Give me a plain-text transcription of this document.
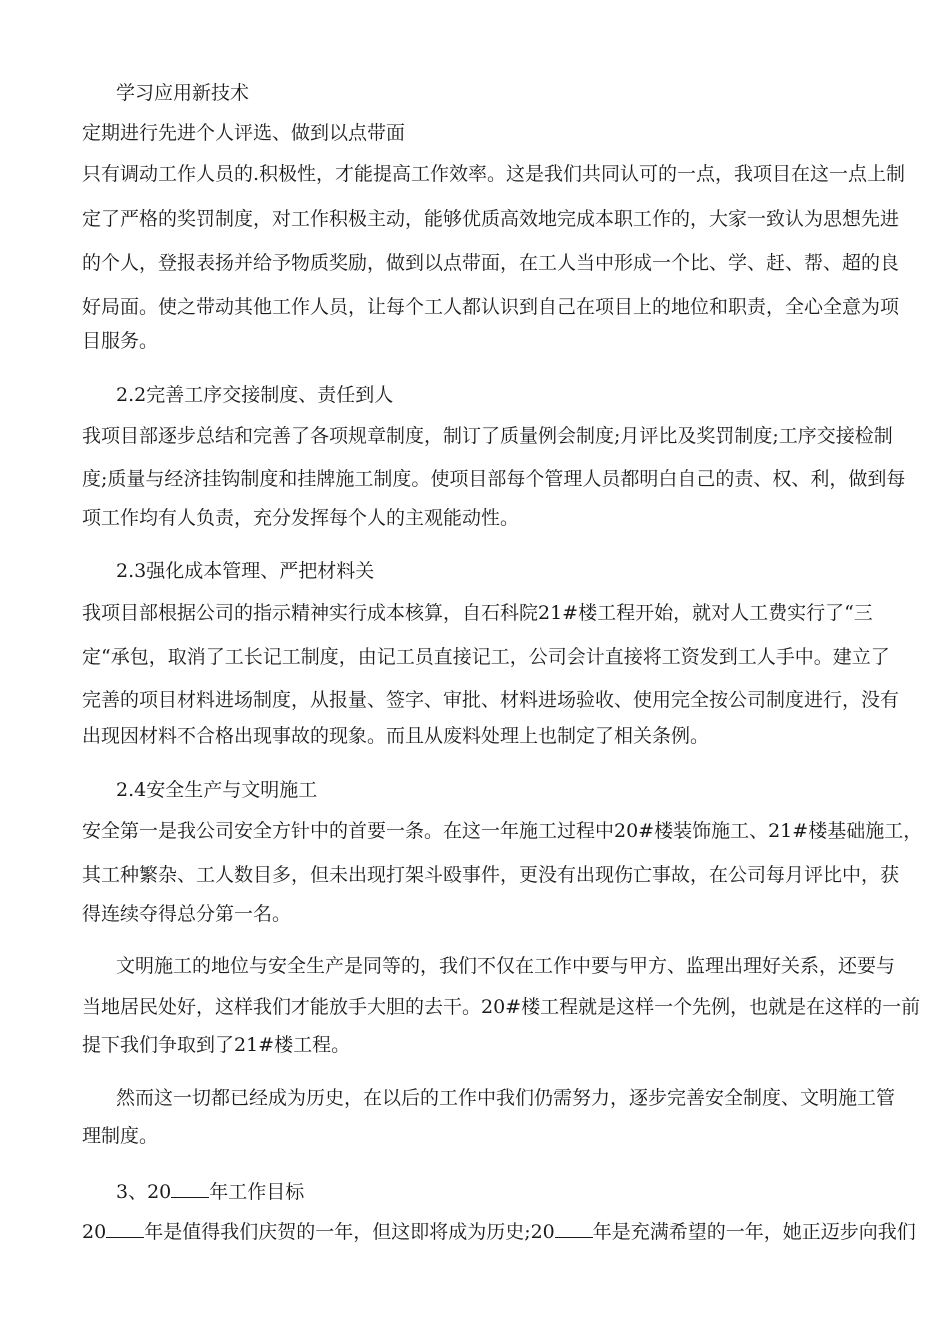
学习应用新技术
定期进行先进个人评选、做到以点带面
只有调动工作人员的.积极性，才能提高工作效率。这是我们共同认可的一点，我项目在这一点上制
定了严格的奖罚制度，对工作积极主动，能够优质高效地完成本职工作的，大家一致认为思想先进
的个人，登报表扬并给予物质奖励，做到以点带面，在工人当中形成一个比、学、赶、帮、超的良
好局面。使之带动其他工作人员，让每个工人都认识到自己在项目上的地位和职责，全心全意为项
目服务。
2.2完善工序交接制度、责任到人
我项目部逐步总结和完善了各项规章制度，制订了质量例会制度;月评比及奖罚制度;工序交接检制
度;质量与经济挂钩制度和挂牌施工制度。使项目部每个管理人员都明白自己的责、权、利，做到每
项工作均有人负责，充分发挥每个人的主观能动性。
2.3强化成本管理、严把材料关
我项目部根据公司的指示精神实行成本核算，自石科院21#楼工程开始，就对人工费实行了“三
定“承包，取消了工长记工制度，由记工员直接记工，公司会计直接将工资发到工人手中。建立了
完善的项目材料进场制度，从报量、签字、审批、材料进场验收、使用完全按公司制度进行，没有
出现因材料不合格出现事故的现象。而且从废料处理上也制定了相关条例。
2.4安全生产与文明施工
安全第一是我公司安全方针中的首要一条。在这一年施工过程中20#楼装饰施工、21#楼基础施工，
其工种繁杂、工人数目多，但未出现打架斗殴事件，更没有出现伤亡事故，在公司每月评比中，获
得连续夺得总分第一名。
文明施工的地位与安全生产是同等的，我们不仅在工作中要与甲方、监理出理好关系，还要与
当地居民处好，这样我们才能放手大胆的去干。20#楼工程就是这样一个先例，也就是在这样的一前
提下我们争取到了21#楼工程。
然而这一切都已经成为历史，在以后的工作中我们仍需努力，逐步完善安全制度、文明施工管
理制度。
3、20 年工作目标
20 年是值得我们庆贺的一年，但这即将成为历史;20 年是充满希望的一年，她正迈步向我们
